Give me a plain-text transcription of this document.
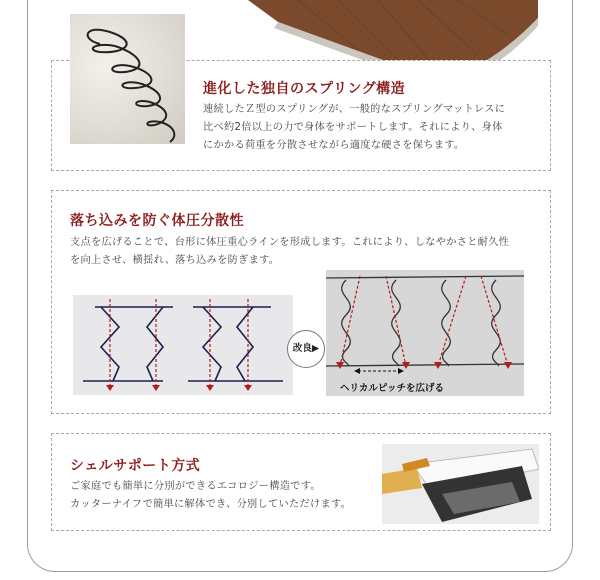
進化した独自のスプリング構造
連続したＺ型のスプリングが、一般的なスプリングマットレスに
比べ約2倍以上の力で身体をサポートします。それにより、身体
にかかる荷重を分散させながら適度な硬さを保ちます。
落ち込みを防ぐ体圧分散性
支点を広げることで、台形に体圧重心ラインを形成します。これにより、しなやかさと耐久性
を向上させ、横揺れ、落ち込みを防ぎます。
改良▶
ヘリカルピッチを広げる
シェルサポート方式
ご家庭でも簡単に分別ができるエコロジー構造です。
カッターナイフで簡単に解体でき、分別していただけます。
